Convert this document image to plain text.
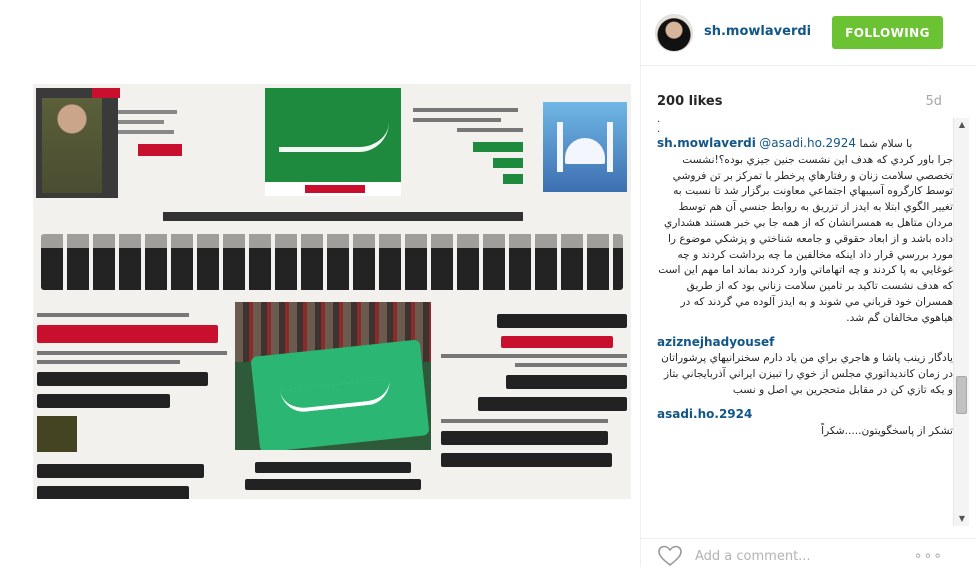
sh.mowlaverdi	FOLLOWING
200 likes	5d
·
·
sh.mowlaverdi @asadi.ho.2924 با سلام شما
جرا باور كردي كه هدف اين نشست جنين جيزي بوده؟!نشست تخصصي سلامت زنان و رفتارهاي پرخطر با تمركز بر تن فروشي توسط كارگروه آسيبهاي اجتماعي معاونت برگزار شد تا نسبت به تغيير الگوي ابتلا به ايدز از تزريق به روابط جنسي آن هم توسط مردان متاهل به همسرانشان كه از همه جا بي خبر هستند هشداري داده باشد و از ابعاد حقوقي و جامعه شناختي و پزشكي موضوع را مورد بررسي قرار داد اينكه مخالفين ما چه برداشت كردند و چه غوغايي به پا كردند و چه اتهاماتي وارد كردند بماند اما مهم اين است كه هدف نشست تاكيد بر تامين سلامت زناني بود كه از طريق همسران خود قرباني مي شوند و به ايدز آلوده مي گردند كه در هياهوي مخالفان گم شد.
aziznejhadyousef
يادگار زينب پاشا و هاجري براي من ياد دارم سخنرانيهاي پرشوراتان در زمان كانديداتوري مجلس از خوي را تبيزن ايراني آذربايجاني بتاز و يكه تازي كن در مقابل متحجرين بي اصل و نسب
asadi.ho.2924
تشكر از پاسخگويتون.....شكراً
▲
▼
Add a comment...	∘∘∘
